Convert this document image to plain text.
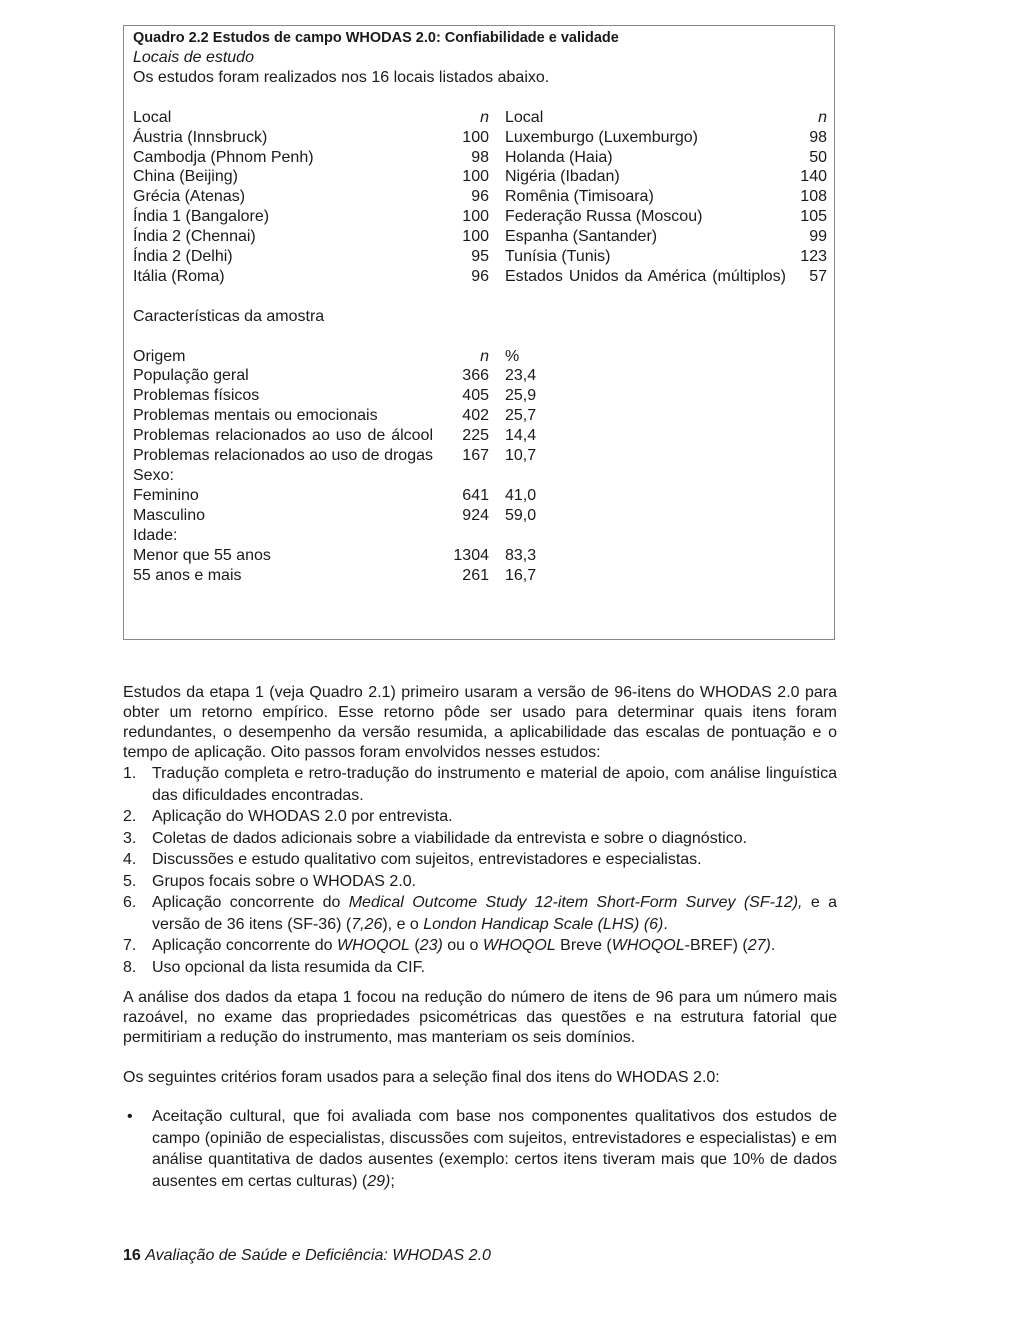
Quadro 2.2 Estudos de campo WHODAS 2.0: Confiabilidade e validade
Locais de estudo
Os estudos foram realizados nos 16 locais listados abaixo.
Local	n		Local	n
Áustria (Innsbruck)	100		Luxemburgo (Luxemburgo)	98
Cambodja (Phnom Penh)	98		Holanda (Haia)	50
China (Beijing)	100		Nigéria (Ibadan)	140
Grécia (Atenas)	96		Romênia (Timisoara)	108
Índia 1 (Bangalore)	100		Federação Russa (Moscou)	105
Índia 2 (Chennai)	100		Espanha (Santander)	99
Índia 2 (Delhi)	95		Tunísia (Tunis)	123
Itália (Roma)	96		Estados Unidos da América (múltiplos)	57
Características da amostra
Origem	n		%
População geral	366		23,4
Problemas físicos	405		25,9
Problemas mentais ou emocionais	402		25,7
Problemas relacionados ao uso de álcool	225		14,4
Problemas relacionados ao uso de drogas	167		10,7
Sexo:			
Feminino	641		41,0
Masculino	924		59,0
Idade:			
Menor que 55 anos	1304		83,3
55 anos e mais	261		16,7

Estudos da etapa 1 (veja Quadro 2.1) primeiro usaram a versão de 96-itens do WHODAS 2.0 para obter um retorno empírico. Esse retorno pôde ser usado para determinar quais itens foram redundantes, o desempenho da versão resumida, a aplicabilidade das escalas de pontuação e o tempo de aplicação. Oito passos foram envolvidos nesses estudos:

1. Tradução completa e retro-tradução do instrumento e material de apoio, com análise linguística das dificuldades encontradas.
2. Aplicação do WHODAS 2.0 por entrevista.
3. Coletas de dados adicionais sobre a viabilidade da entrevista e sobre o diagnóstico.
4. Discussões e estudo qualitativo com sujeitos, entrevistadores e especialistas.
5. Grupos focais sobre o WHODAS 2.0.
6. Aplicação concorrente do Medical Outcome Study 12-item Short-Form Survey (SF-12), e a versão de 36 itens (SF-36) (7,26), e o London Handicap Scale (LHS) (6).
7. Aplicação concorrente do WHOQOL (23) ou o WHOQOL Breve (WHOQOL-BREF) (27).
8. Uso opcional da lista resumida da CIF.

A análise dos dados da etapa 1 focou na redução do número de itens de 96 para um número mais razoável, no exame das propriedades psicométricas das questões e na estrutura fatorial que permitiriam a redução do instrumento, mas manteriam os seis domínios.

Os seguintes critérios foram usados para a seleção final dos itens do WHODAS 2.0:

• Aceitação cultural, que foi avaliada com base nos componentes qualitativos dos estudos de campo (opinião de especialistas, discussões com sujeitos, entrevistadores e especialistas) e em análise quantitativa de dados ausentes (exemplo: certos itens tiveram mais que 10% de dados ausentes em certas culturas) (29);
16 Avaliação de Saúde e Deficiência: WHODAS 2.0
